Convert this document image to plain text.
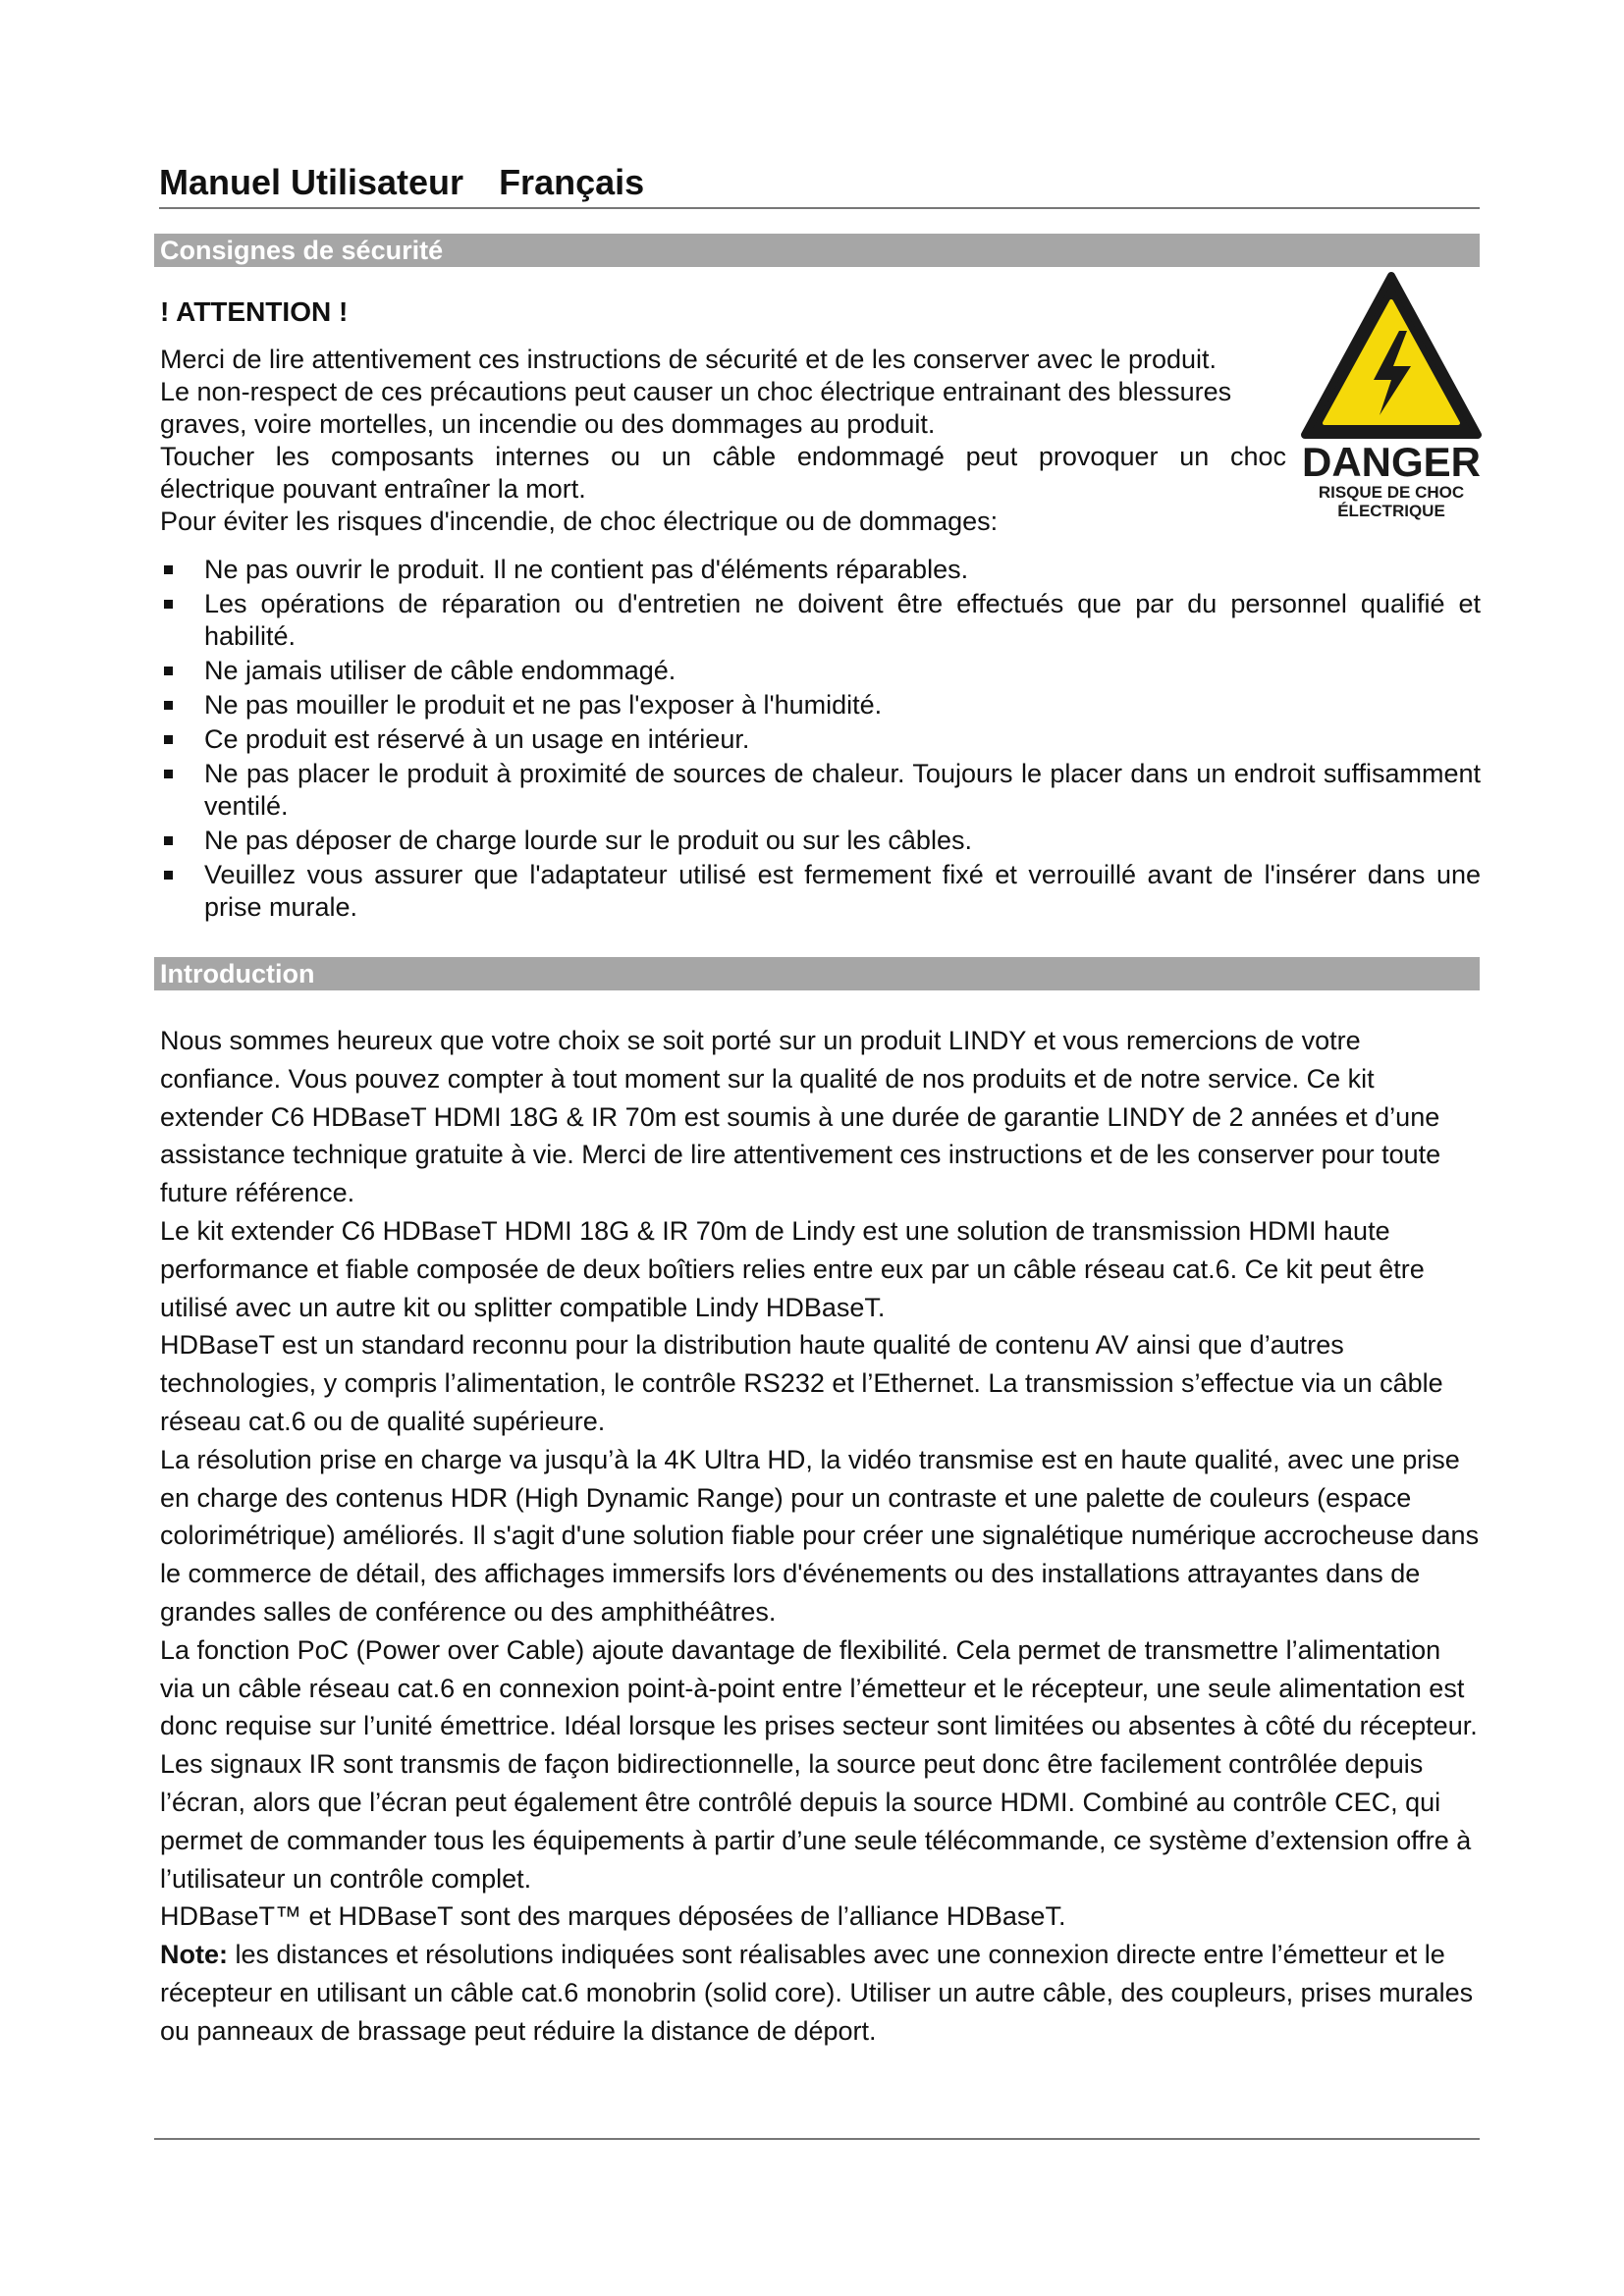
Manuel Utilisateur Français
Consignes de sécurité
! ATTENTION !

Merci de lire attentivement ces instructions de sécurité et de les conserver avec le produit.

Le non-respect de ces précautions peut causer un choc électrique entrainant des blessures

graves, voire mortelles, un incendie ou des dommages au produit.

Toucher les composants internes ou un câble endommagé peut provoquer un choc

électrique pouvant entraîner la mort.

Pour éviter les risques d'incendie, de choc électrique ou de dommages:

DANGER
RISQUE DE CHOC
ÉLECTRIQUE
Ne pas ouvrir le produit. Il ne contient pas d'éléments réparables.
Les opérations de réparation ou d'entretien ne doivent être effectués que par du personnel qualifié et habilité.
Ne jamais utiliser de câble endommagé.
Ne pas mouiller le produit et ne pas l'exposer à l'humidité.
Ce produit est réservé à un usage en intérieur.
Ne pas placer le produit à proximité de sources de chaleur. Toujours le placer dans un endroit suffisamment ventilé.
Ne pas déposer de charge lourde sur le produit ou sur les câbles.
Veuillez vous assurer que l'adaptateur utilisé est fermement fixé et verrouillé avant de l'insérer dans une prise murale.
Introduction

Nous sommes heureux que votre choix se soit porté sur un produit LINDY et vous remercions de votre confiance. Vous pouvez compter à tout moment sur la qualité de nos produits et de notre service. Ce kit extender C6 HDBaseT HDMI 18G & IR 70m est soumis à une durée de garantie LINDY de 2 années et d’une assistance technique gratuite à vie. Merci de lire attentivement ces instructions et de les conserver pour toute future référence.

Le kit extender C6 HDBaseT HDMI 18G & IR 70m de Lindy est une solution de transmission HDMI haute performance et fiable composée de deux boîtiers relies entre eux par un câble réseau cat.6. Ce kit peut être utilisé avec un autre kit ou splitter compatible Lindy HDBaseT.

HDBaseT est un standard reconnu pour la distribution haute qualité de contenu AV ainsi que d’autres technologies, y compris l’alimentation, le contrôle RS232 et l’Ethernet. La transmission s’effectue via un câble réseau cat.6 ou de qualité supérieure.

La résolution prise en charge va jusqu’à la 4K Ultra HD, la vidéo transmise est en haute qualité, avec une prise en charge des contenus HDR (High Dynamic Range) pour un contraste et une palette de couleurs (espace colorimétrique) améliorés. Il s'agit d'une solution fiable pour créer une signalétique numérique accrocheuse dans le commerce de détail, des affichages immersifs lors d'événements ou des installations attrayantes dans de grandes salles de conférence ou des amphithéâtres.

La fonction PoC (Power over Cable) ajoute davantage de flexibilité. Cela permet de transmettre l’alimentation via un câble réseau cat.6 en connexion point-à-point entre l’émetteur et le récepteur, une seule alimentation est donc requise sur l’unité émettrice. Idéal lorsque les prises secteur sont limitées ou absentes à côté du récepteur. Les signaux IR sont transmis de façon bidirectionnelle, la source peut donc être facilement contrôlée depuis l’écran, alors que l’écran peut également être contrôlé depuis la source HDMI. Combiné au contrôle CEC, qui permet de commander tous les équipements à partir d’une seule télécommande, ce système d’extension offre à l’utilisateur un contrôle complet.

HDBaseT™ et HDBaseT sont des marques déposées de l’alliance HDBaseT.

Note: les distances et résolutions indiquées sont réalisables avec une connexion directe entre l’émetteur et le récepteur en utilisant un câble cat.6 monobrin (solid core). Utiliser un autre câble, des coupleurs, prises murales ou panneaux de brassage peut réduire la distance de déport.
